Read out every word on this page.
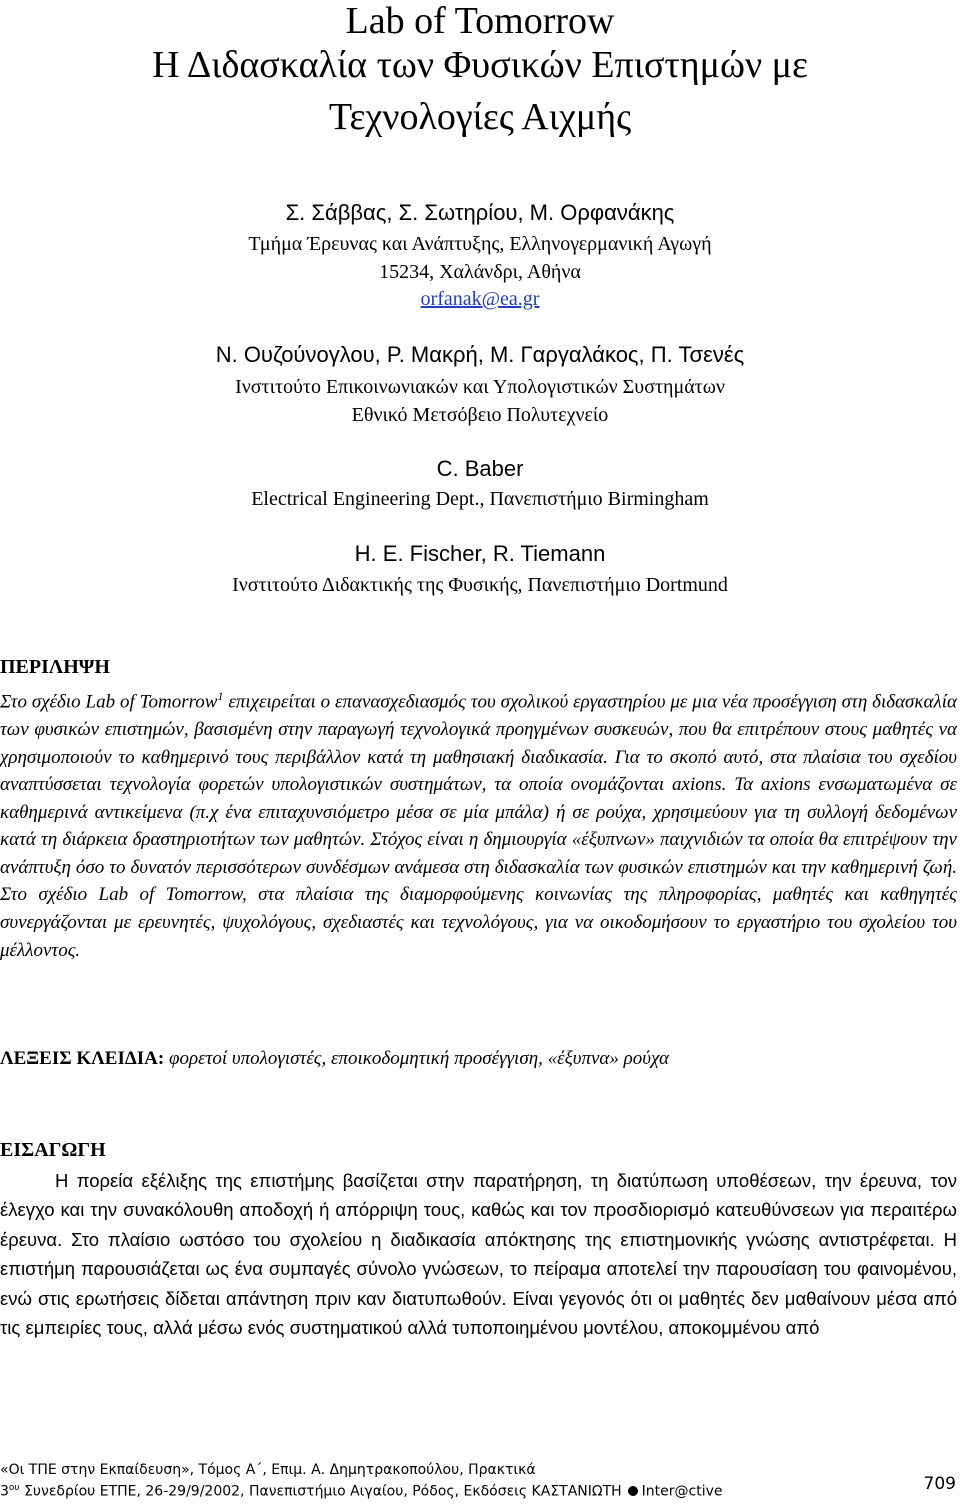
Lab of Tomorrow
Η Διδασκαλία των Φυσικών Επιστημών με
Τεχνολογίες Αιχμής
Σ. Σάββας, Σ. Σωτηρίου, Μ. Ορφανάκης
Τμήμα Έρευνας και Ανάπτυξης, Ελληνογερμανική Αγωγή
15234, Χαλάνδρι, Αθήνα
orfanak@ea.gr
Ν. Ουζούνογλου, Ρ. Μακρή, Μ. Γαργαλάκος, Π. Τσενές
Ινστιτούτο Επικοινωνιακών και Υπολογιστικών Συστημάτων
Εθνικό Μετσόβειο Πολυτεχνείο
C. Baber
Electrical Engineering Dept., Πανεπιστήμιο Birmingham
H. E. Fischer, R. Tiemann
Ινστιτούτο Διδακτικής της Φυσικής, Πανεπιστήμιο Dortmund
ΠΕΡΙΛΗΨΗ

Στο σχέδιο Lab of Tomorrow$^1$ επιχειρείται ο επανασχεδιασμός του σχολικού εργαστηρίου με μια νέα προσέγγιση στη διδασκαλία των φυσικών επιστημών, βασισμένη στην παραγωγή τεχνολογικά προηγμένων συσκευών, που θα επιτρέπουν στους μαθητές να χρησιμοποιούν το καθημερινό τους περιβάλλον κατά τη μαθησιακή διαδικασία. Για το σκοπό αυτό, στα πλαίσια του σχεδίου αναπτύσσεται τεχνολογία φορετών υπολογιστικών συστημάτων, τα οποία ονομάζονται axions. Τα axions ενσωματωμένα σε καθημερινά αντικείμενα (π.χ ένα επιταχυνσιόμετρο μέσα σε μία μπάλα) ή σε ρούχα, χρησιμεύουν για τη συλλογή δεδομένων κατά τη διάρκεια δραστηριοτήτων των μαθητών. Στόχος είναι η δημιουργία «έξυπνων» παιχνιδιών τα οποία θα επιτρέψουν την ανάπτυξη όσο το δυνατόν περισσότερων συνδέσμων ανάμεσα στη διδασκαλία των φυσικών επιστημών και την καθημερινή ζωή. Στο σχέδιο Lab of Tomorrow, στα πλαίσια της διαμορφούμενης κοινωνίας της πληροφορίας, μαθητές και καθηγητές συνεργάζονται με ερευνητές, ψυχολόγους, σχεδιαστές και τεχνολόγους, για να οικοδομήσουν το εργαστήριο του σχολείου του μέλλοντος.

ΛΕΞΕΙΣ ΚΛΕΙΔΙΑ: φορετοί υπολογιστές, εποικοδομητική προσέγγιση, «έξυπνα» ρούχα
ΕΙΣΑΓΩΓΗ

Η πορεία εξέλιξης της επιστήμης βασίζεται στην παρατήρηση, τη διατύπωση υποθέσεων, την έρευνα, τον έλεγχο και την συνακόλουθη αποδοχή ή απόρριψη τους, καθώς και τον προσδιορισμό κατευθύνσεων για περαιτέρω έρευνα. Στο πλαίσιο ωστόσο του σχολείου η διαδικασία απόκτησης της επιστημονικής γνώσης αντιστρέφεται. Η επιστήμη παρουσιάζεται ως ένα συμπαγές σύνολο γνώσεων, το πείραμα αποτελεί την παρουσίαση του φαινομένου, ενώ στις ερωτήσεις δίδεται απάντηση πριν καν διατυπωθούν. Είναι γεγονός ότι οι μαθητές δεν μαθαίνουν μέσα από τις εμπειρίες τους, αλλά μέσω ενός συστηματικού αλλά τυποποιημένου μοντέλου, αποκομμένου από

«Οι ΤΠΕ στην Εκπαίδευση», Τόμος Α΄, Επιμ. Α. Δημητρακοπούλου, Πρακτικά
$3^{o\upsilon}$ Συνεδρίου ΕΤΠΕ, 26-29/9/2002, Πανεπιστήμιο Αιγαίου, Ρόδος, Εκδόσεις ΚΑΣΤΑΝΙΩΤΗ Inter@ctive	709
